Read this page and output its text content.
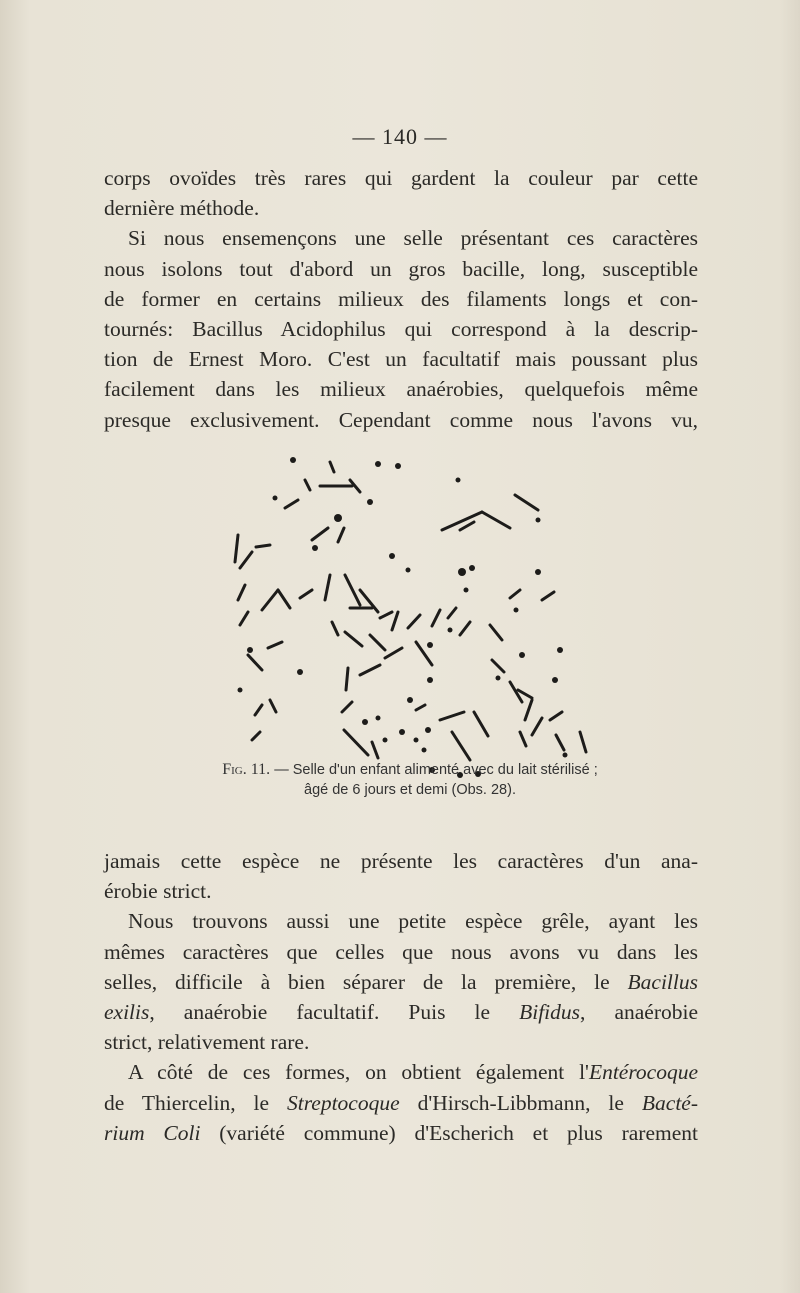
— 140 —
corps ovoïdes très rares qui gardent la couleur par cette
dernière méthode.
Si nous ensemençons une selle présentant ces caractères
nous isolons tout d'abord un gros bacille, long, susceptible
de former en certains milieux des filaments longs et con-
tournés: Bacillus Acidophilus qui correspond à la descrip-
tion de Ernest Moro. C'est un facultatif mais poussant plus
facilement dans les milieux anaérobies, quelquefois même
presque exclusivement. Cependant comme nous l'avons vu,
Fig. 11. — Selle d'un enfant alimenté avec du lait stérilisé ;
âgé de 6 jours et demi (Obs. 28).
jamais cette espèce ne présente les caractères d'un ana-
érobie strict.
Nous trouvons aussi une petite espèce grêle, ayant les
mêmes caractères que celles que nous avons vu dans les
selles, difficile à bien séparer de la première, le Bacillus
exilis, anaérobie facultatif. Puis le Bifidus, anaérobie
strict, relativement rare.
A côté de ces formes, on obtient également l'Entérocoque
de Thiercelin, le Streptocoque d'Hirsch-Libbmann, le Bacté-
rium Coli (variété commune) d'Escherich et plus rarement
